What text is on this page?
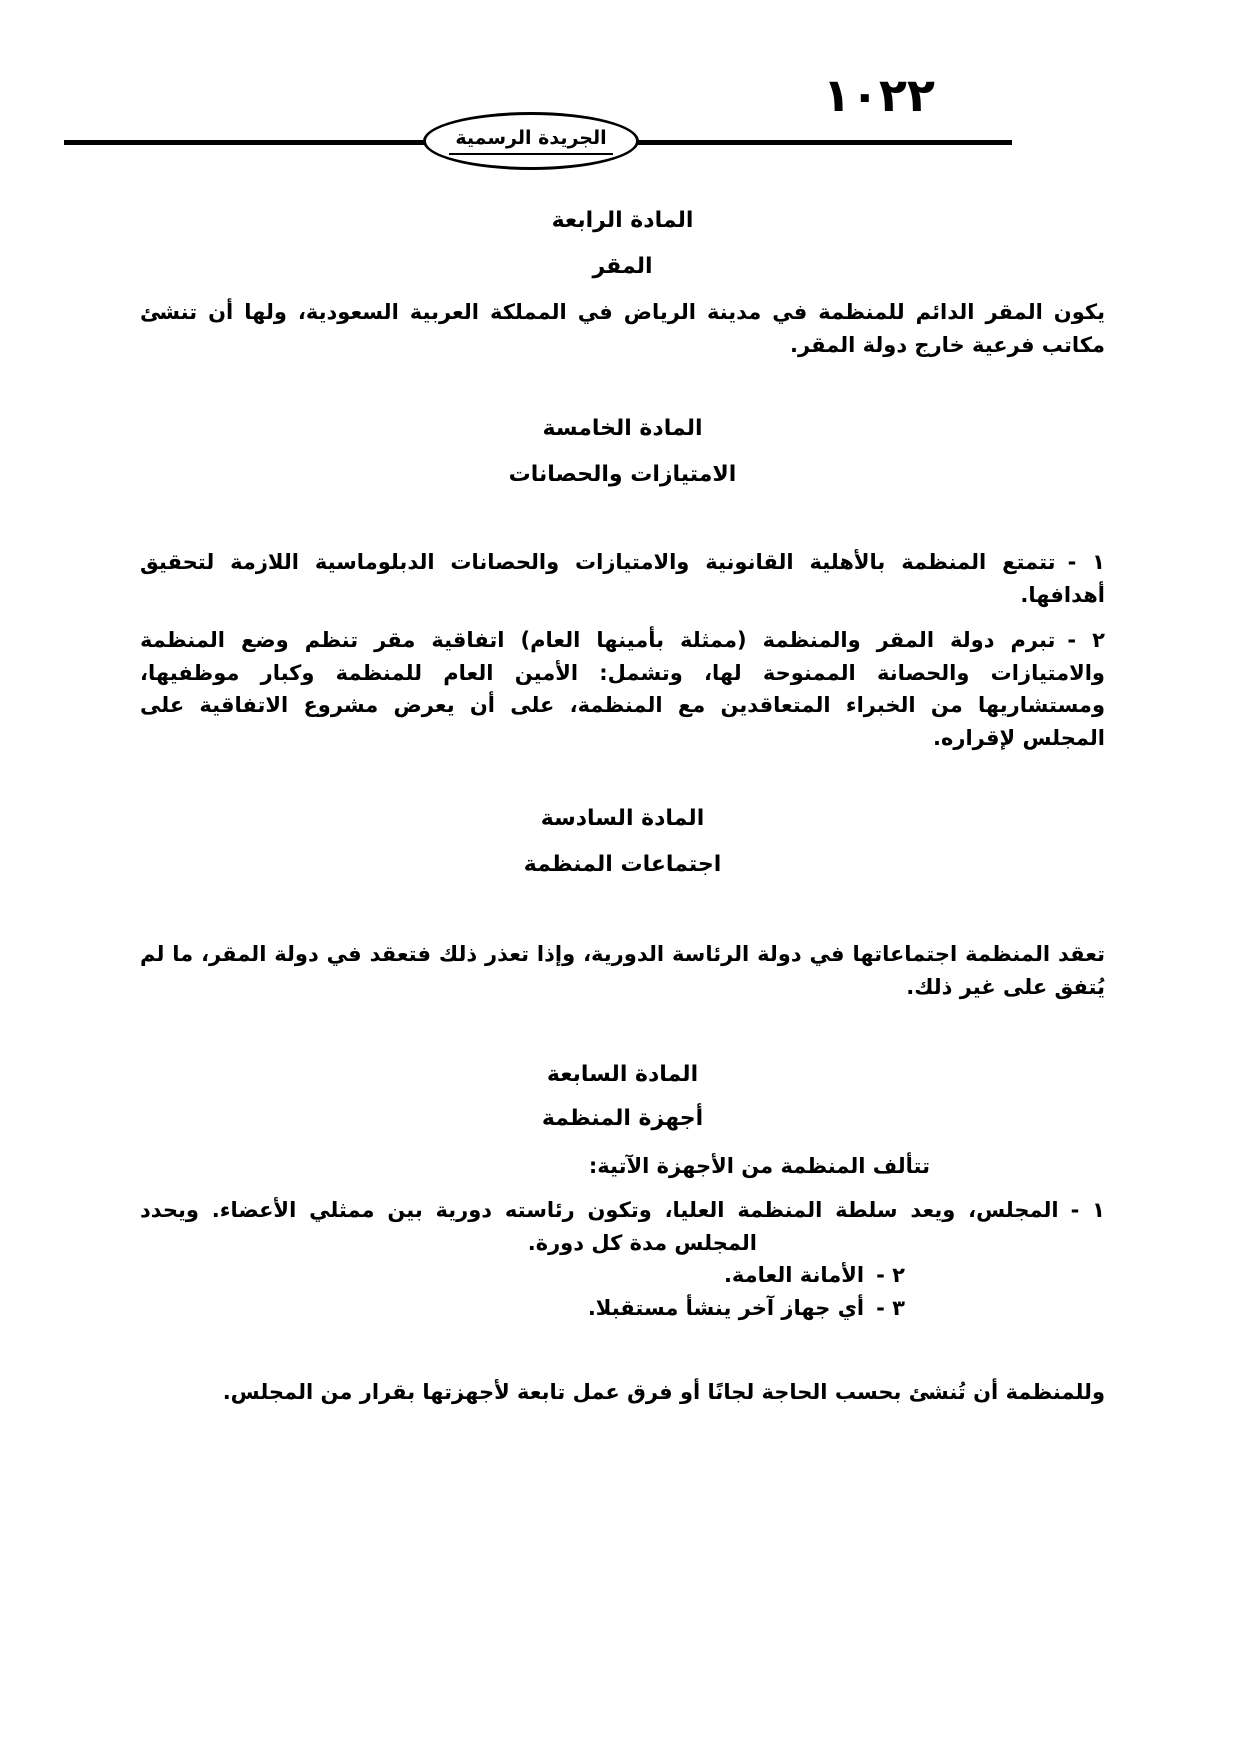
١٠٢٢
الجريدة الرسمية
المادة الرابعة
المقر
يكون المقر الدائم للمنظمة في مدينة الرياض في المملكة العربية السعودية، ولها أن تنشئ مكاتب فرعية خارج دولة المقر.
المادة الخامسة
الامتيازات والحصانات
١ -تتمتع المنظمة بالأهلية القانونية والامتيازات والحصانات الدبلوماسية اللازمة لتحقيق أهدافها.
٢ -تبرم دولة المقر والمنظمة (ممثلة بأمينها العام) اتفاقية مقر تنظم وضع المنظمة والامتيازات والحصانة الممنوحة لها، وتشمل: الأمين العام للمنظمة وكبار موظفيها، ومستشاريها من الخبراء المتعاقدين مع المنظمة، على أن يعرض مشروع الاتفاقية على المجلس لإقراره.
المادة السادسة
اجتماعات المنظمة
تعقد المنظمة اجتماعاتها في دولة الرئاسة الدورية، وإذا تعذر ذلك فتعقد في دولة المقر، ما لم يُتفق على غير ذلك.
المادة السابعة
أجهزة المنظمة
تتألف المنظمة من الأجهزة الآتية:
١ -المجلس، ويعد سلطة المنظمة العليا، وتكون رئاسته دورية بين ممثلي الأعضاء. ويحدد المجلس مدة كل دورة.
٢ -الأمانة العامة.
٣ -أي جهاز آخر ينشأ مستقبلا.
وللمنظمة أن تُنشئ بحسب الحاجة لجانًا أو فرق عمل تابعة لأجهزتها بقرار من المجلس.
